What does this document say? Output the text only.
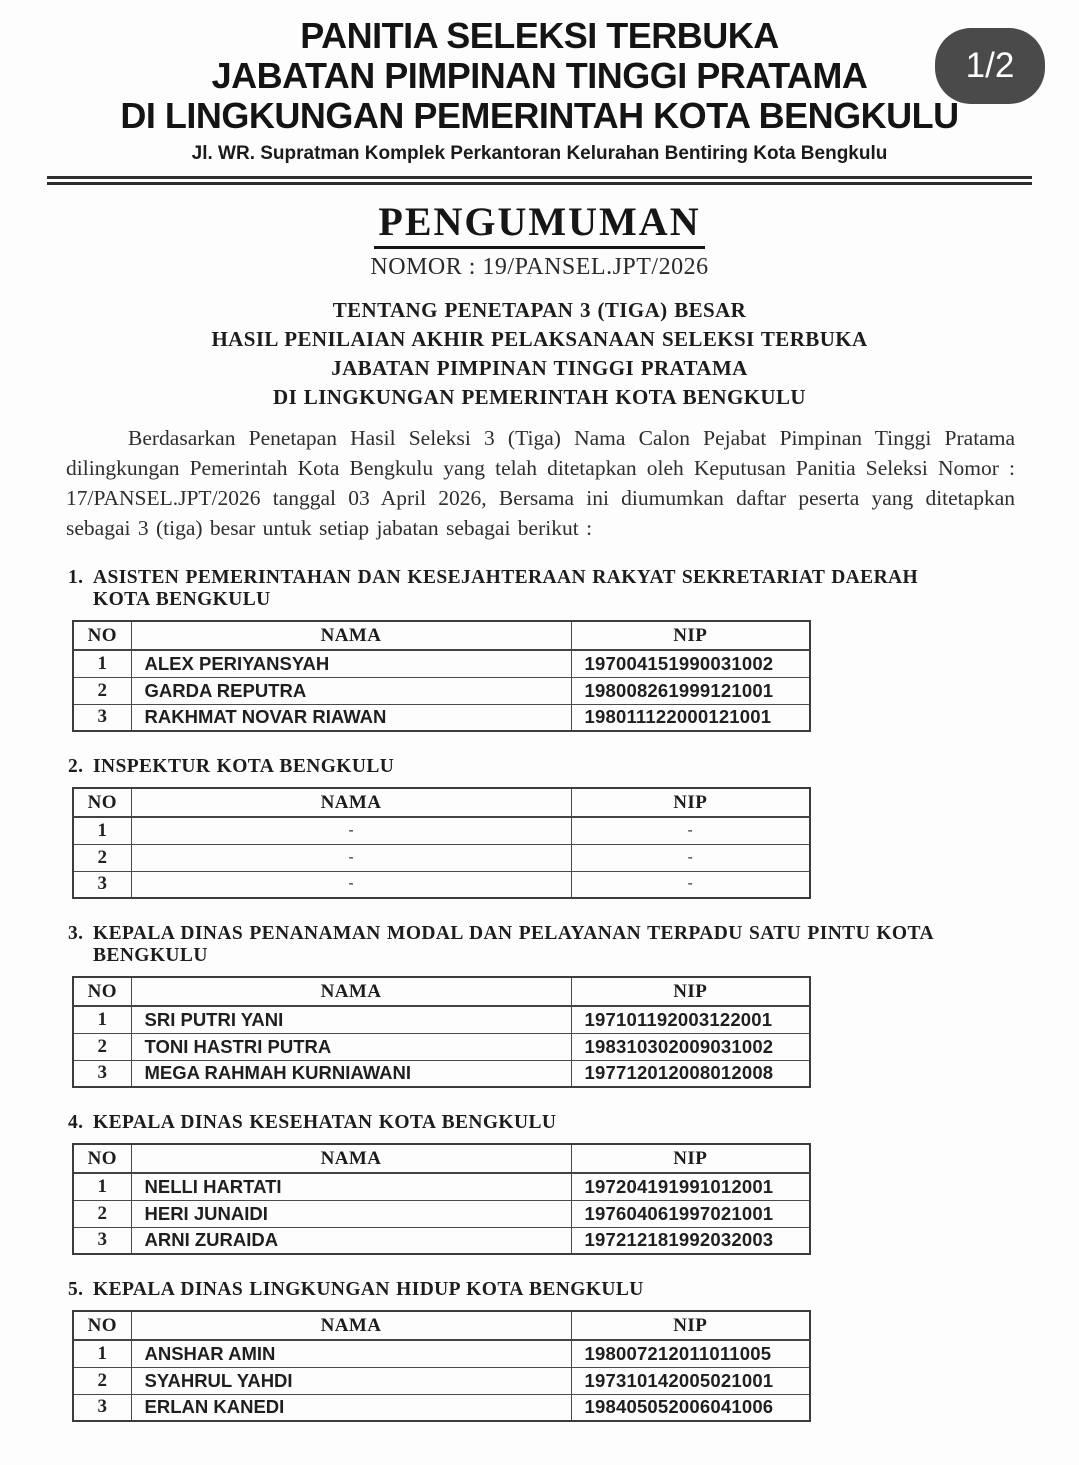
1/2
PANITIA SELEKSI TERBUKA
JABATAN PIMPINAN TINGGI PRATAMA
DI LINGKUNGAN PEMERINTAH KOTA BENGKULU
Jl. WR. Supratman Komplek Perkantoran Kelurahan Bentiring Kota Bengkulu
PENGUMUMAN
NOMOR : 19/PANSEL.JPT/2026
TENTANG PENETAPAN 3 (TIGA) BESAR
HASIL PENILAIAN AKHIR PELAKSANAAN SELEKSI TERBUKA
JABATAN PIMPINAN TINGGI PRATAMA
DI LINGKUNGAN PEMERINTAH KOTA BENGKULU

Berdasarkan Penetapan Hasil Seleksi 3 (Tiga) Nama Calon Pejabat Pimpinan Tinggi Pratama dilingkungan Pemerintah Kota Bengkulu yang telah ditetapkan oleh Keputusan Panitia Seleksi Nomor : 17/PANSEL.JPT/2026 tanggal 03 April 2026, Bersama ini diumumkan daftar peserta yang ditetapkan sebagai 3 (tiga) besar untuk setiap jabatan sebagai berikut :

1. ASISTEN PEMERINTAHAN DAN KESEJAHTERAAN RAKYAT SEKRETARIAT DAERAH KOTA BENGKULU
NO	NAMA	NIP
1	ALEX PERIYANSYAH	197004151990031002
2	GARDA REPUTRA	198008261999121001
3	RAKHMAT NOVAR RIAWAN	198011122000121001
2. INSPEKTUR KOTA BENGKULU
NO	NAMA	NIP
1	-	-
2	-	-
3	-	-
3. KEPALA DINAS PENANAMAN MODAL DAN PELAYANAN TERPADU SATU PINTU KOTA BENGKULU
NO	NAMA	NIP
1	SRI PUTRI YANI	197101192003122001
2	TONI HASTRI PUTRA	198310302009031002
3	MEGA RAHMAH KURNIAWANI	197712012008012008
4. KEPALA DINAS KESEHATAN KOTA BENGKULU
NO	NAMA	NIP
1	NELLI HARTATI	197204191991012001
2	HERI JUNAIDI	197604061997021001
3	ARNI ZURAIDA	197212181992032003
5. KEPALA DINAS LINGKUNGAN HIDUP KOTA BENGKULU
NO	NAMA	NIP
1	ANSHAR AMIN	198007212011011005
2	SYAHRUL YAHDI	197310142005021001
3	ERLAN KANEDI	198405052006041006
